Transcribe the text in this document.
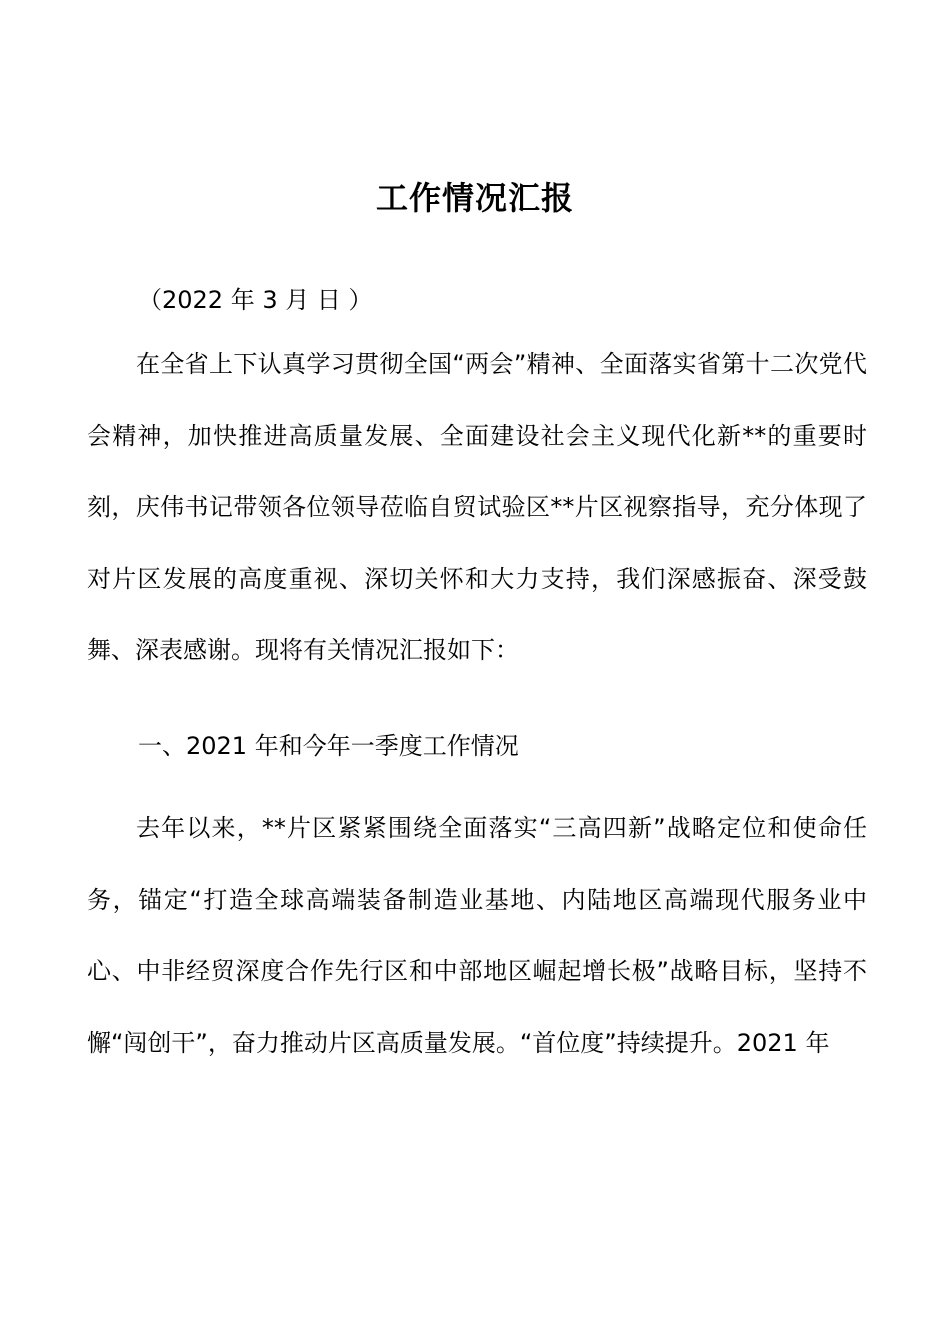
工作情况汇报
（2022 年 3 月 日 ）

在全省上下认真学习贯彻全国“两会”精神、全面落实省第十二次党代会精神，加快推进高质量发展、全面建设社会主义现代化新**的重要时刻，庆伟书记带领各位领导莅临自贸试验区**片区视察指导，充分体现了对片区发展的高度重视、深切关怀和大力支持，我们深感振奋、深受鼓舞、深表感谢。现将有关情况汇报如下：

一、2021 年和今年一季度工作情况

去年以来，**片区紧紧围绕全面落实“三高四新”战略定位和使命任务，锚定“打造全球高端装备制造业基地、内陆地区高端现代服务业中心、中非经贸深度合作先行区和中部地区崛起增长极”战略目标，坚持不懈“闯创干”，奋力推动片区高质量发展。“首位度”持续提升。2021 年
